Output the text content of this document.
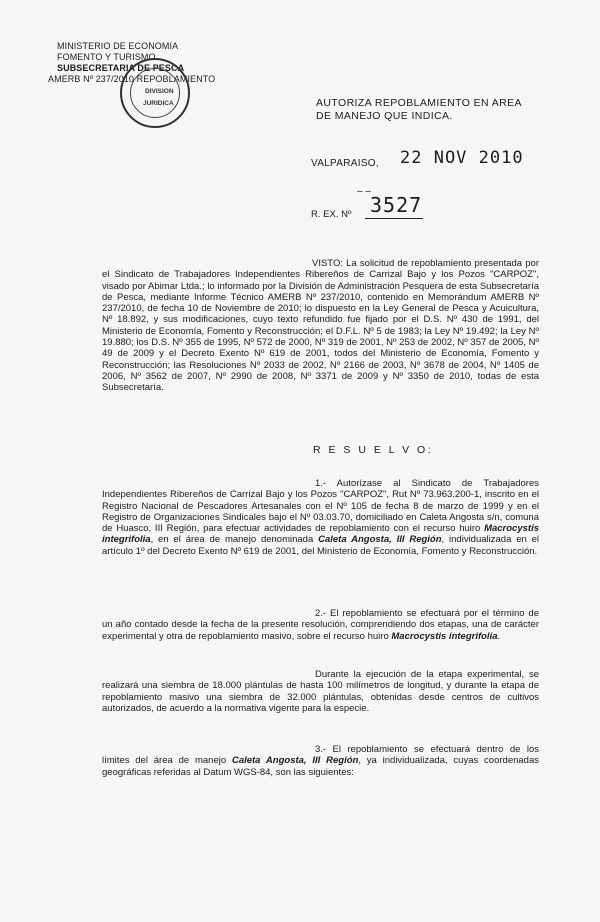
MINISTERIO DE ECONOMIA
FOMENTO Y TURISMO
SUBSECRETARIA DE PESCA
AMERB Nº 237/2010 REPOBLAMIENTO
DIVISION
JURIDICA	AUTORIZA REPOBLAMIENTO EN AREA
DE MANEJO QUE INDICA.
VALPARAISO, 22 NOV 2010
– –
R. EX. Nº 3527
VISTO: La solicitud de repoblamiento presentada por el Sindicato de Trabajadores Independientes Ribereños de Carrizal Bajo y los Pozos "CARPOZ", visado por Abimar Ltda.; lo informado por la División de Administración Pesquera de esta Subsecretaría de Pesca, mediante Informe Técnico AMERB Nº 237/2010, contenido en Memorándum AMERB Nº 237/2010, de fecha 10 de Noviembre de 2010; lo dispuesto en la Ley General de Pesca y Acuicultura, Nº 18.892, y sus modificaciones, cuyo texto refundido fue fijado por el D.S. Nº 430 de 1991, del Ministerio de Economía, Fomento y Reconstrucción; el D.F.L. Nº 5 de 1983; la Ley Nº 19.492; la Ley Nº 19.880; los D.S. Nº 355 de 1995, Nº 572 de 2000, Nº 319 de 2001, Nº 253 de 2002, Nº 357 de 2005, Nº 49 de 2009 y el Decreto Exento Nº 619 de 2001, todos del Ministerio de Economía, Fomento y Reconstrucción; las Resoluciones Nº 2033 de 2002, Nº 2166 de 2003, Nº 3678 de 2004, Nº 1405 de 2006, Nº 3562 de 2007, Nº 2990 de 2008, Nº 3371 de 2009 y Nº 3350 de 2010, todas de esta Subsecretaría.
R E S U E L V O:
1.- Autorízase al Sindicato de Trabajadores Independientes Ribereños de Carrizal Bajo y los Pozos "CARPOZ", Rut Nº 73.963.200-1, inscrito en el Registro Nacional de Pescadores Artesanales con el Nº 105 de fecha 8 de marzo de 1999 y en el Registro de Organizaciones Sindicales bajo el Nº 03.03.70, domiciliado en Caleta Angosta s/n, comuna de Huasco, III Región, para efectuar actividades de repoblamiento con el recurso huiro Macrocystis integrifolia, en el área de manejo denominada Caleta Angosta, III Región, individualizada en el artículo 1º del Decreto Exento Nº 619 de 2001, del Ministerio de Economía, Fomento y Reconstrucción.
2.- El repoblamiento se efectuará por el término de un año contado desde la fecha de la presente resolución, comprendiendo dos etapas, una de carácter experimental y otra de repoblamiento masivo, sobre el recurso huiro Macrocystis integrifolia.
Durante la ejecución de la etapa experimental, se realizará una siembra de 18.000 plántulas de hasta 100 milímetros de longitud, y durante la etapa de repoblamiento masivo una siembra de 32.000 plántulas, obtenidas desde centros de cultivos autorizados, de acuerdo a la normativa vigente para la especie.
3.- El repoblamiento se efectuará dentro de los límites del área de manejo Caleta Angosta, III Región, ya individualizada, cuyas coordenadas geográficas referidas al Datum WGS-84, son las siguientes:
